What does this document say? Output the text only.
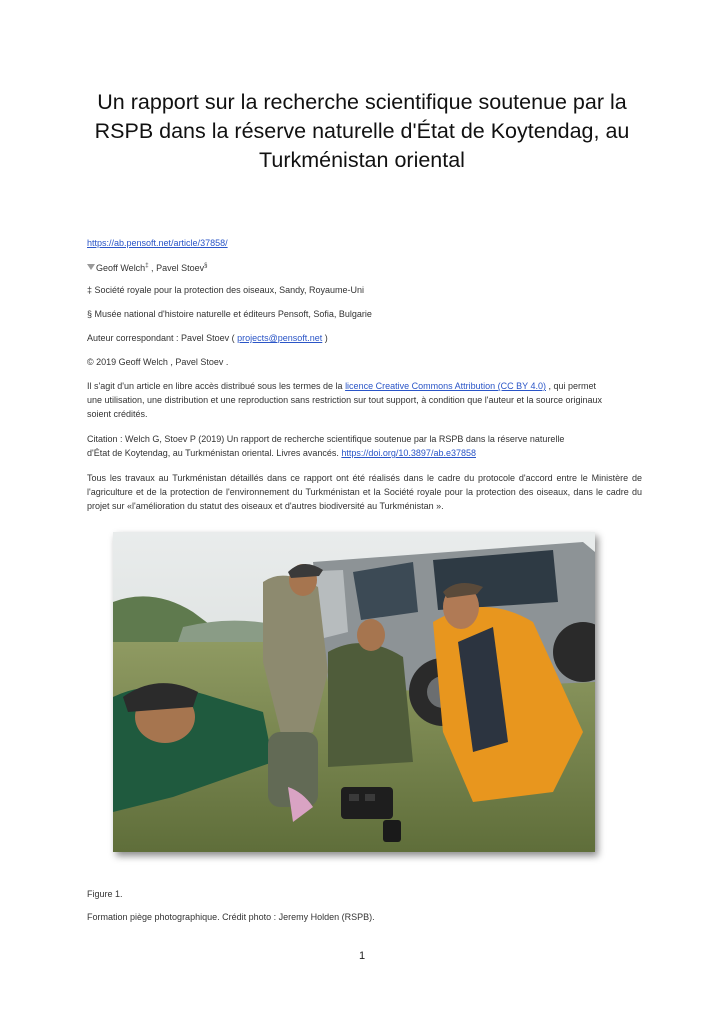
Un rapport sur la recherche scientifique soutenue par la RSPB dans la réserve naturelle d'État de Koytendag, au Turkménistan oriental

https://ab.pensoft.net/article/37858/

Geoff Welch‡ , Pavel Stoev§

‡ Société royale pour la protection des oiseaux, Sandy, Royaume-Uni

§ Musée national d'histoire naturelle et éditeurs Pensoft, Sofia, Bulgarie

Auteur correspondant : Pavel Stoev ( projects@pensoft.net )

© 2019 Geoff Welch , Pavel Stoev .

Il s'agit d'un article en libre accès distribué sous les termes de la licence Creative Commons Attribution (CC BY 4.0) , qui permet une utilisation, une distribution et une reproduction sans restriction sur tout support, à condition que l'auteur et la source originaux soient crédités.

Citation : Welch G, Stoev P (2019) Un rapport de recherche scientifique soutenue par la RSPB dans la réserve naturelle d'État de Koytendag, au Turkménistan oriental. Livres avancés. https://doi.org/10.3897/ab.e37858

Tous les travaux au Turkménistan détaillés dans ce rapport ont été réalisés dans le cadre du protocole d'accord entre le Ministère de l'agriculture et de la protection de l'environnement du Turkménistan et la Société royale pour la protection des oiseaux, dans le cadre du projet sur «l'amélioration du statut des oiseaux et d'autres biodiversité au Turkménistan ».

Figure 1.

Formation piège photographique. Crédit photo : Jeremy Holden (RSPB).

1
